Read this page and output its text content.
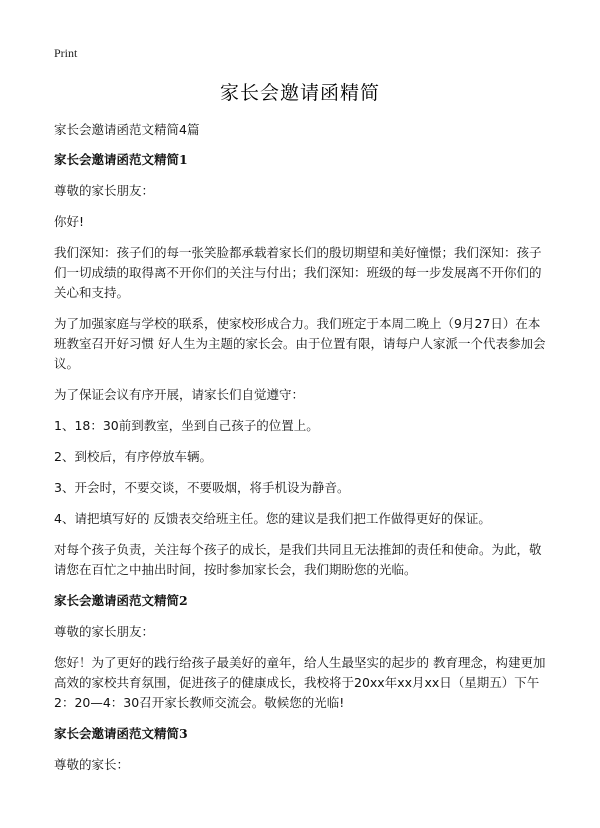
Print
家长会邀请函精简
家长会邀请函范文精简4篇
家长会邀请函范文精简1

尊敬的家长朋友：

你好!

我们深知：孩子们的每一张笑脸都承载着家长们的殷切期望和美好憧憬；我们深知：孩子们一切成绩的取得离不开你们的关注与付出；我们深知：班级的每一步发展离不开你们的关心和支持。

为了加强家庭与学校的联系，使家校形成合力。我们班定于本周二晚上（9月27日）在本班教室召开好习惯 好人生为主题的家长会。由于位置有限，请每户人家派一个代表参加会议。

为了保证会议有序开展，请家长们自觉遵守：

1、18：30前到教室，坐到自己孩子的位置上。

2、到校后，有序停放车辆。

3、开会时，不要交谈，不要吸烟，将手机设为静音。

4、请把填写好的 反馈表交给班主任。您的建议是我们把工作做得更好的保证。

对每个孩子负责，关注每个孩子的成长，是我们共同且无法推卸的责任和使命。为此，敬请您在百忙之中抽出时间，按时参加家长会，我们期盼您的光临。

家长会邀请函范文精简2

尊敬的家长朋友：

您好！为了更好的践行给孩子最美好的童年，给人生最坚实的起步的 教育理念，构建更加高效的家校共育氛围，促进孩子的健康成长，我校将于20xx年xx月xx日（星期五）下午2：20—4：30召开家长教师交流会。敬候您的光临!

家长会邀请函范文精简3

尊敬的家长：
